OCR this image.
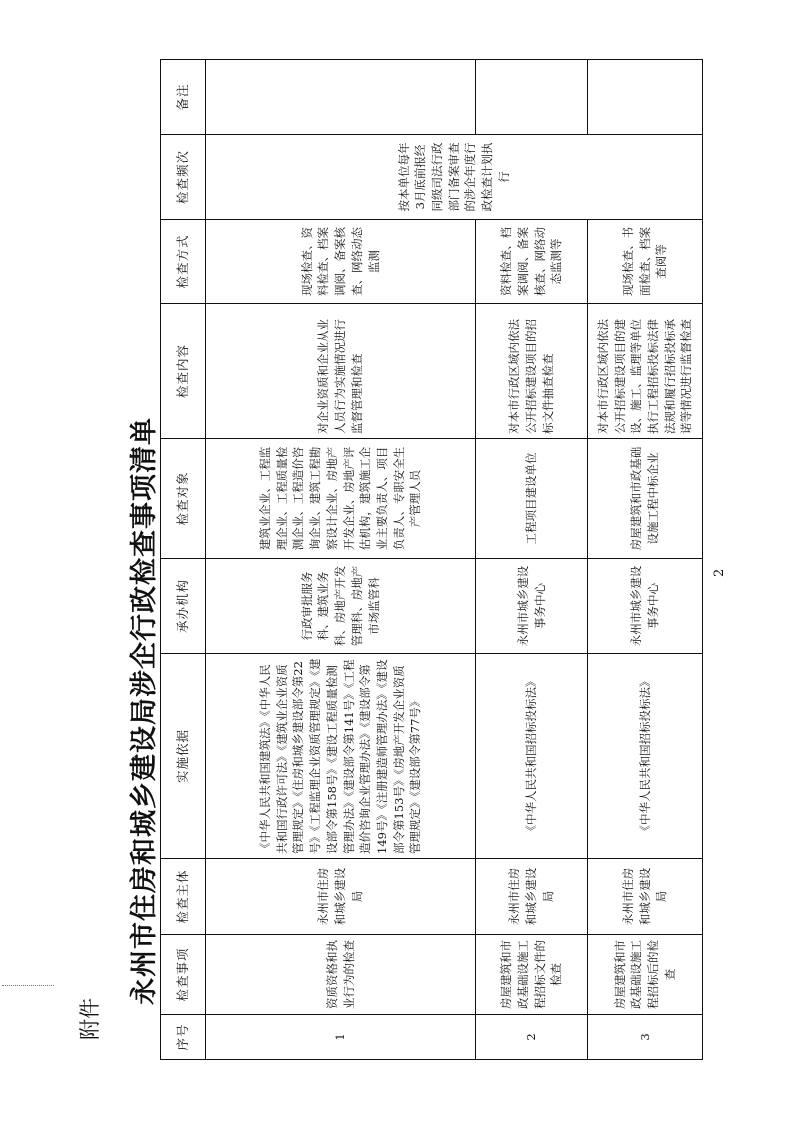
附件
永州市住房和城乡建设局涉企行政检查事项清单	2
序号	检查事项	检查主体	实施依据	承办机构	检查对象	检查内容	检查方式	检查频次	备注
1	资质资格和执业行为的检查	永州市住房和城乡建设局	《中华人民共和国建筑法》《中华人民共和国行政许可法》《建筑业企业资质管理规定》《住房和城乡建设部令第22号》《工程监理企业资质管理规定》《建设部令第158号》《建设工程质量检测管理办法》《建设部令第141号》《工程造价咨询企业管理办法》《建设部令第149号》《注册建造师管理办法》《建设部令第153号》《房地产开发企业资质管理规定》《建设部令第77号》	行政审批服务科、建筑业务科、房地产开发管理科、房地产市场监管科	建筑业企业、工程监理企业、工程质量检测企业、工程造价咨询企业、建筑工程勘察设计企业、房地产开发企业、房地产评估机构，建筑施工企业主要负责人、项目负责人、专职安全生产管理人员	对企业资质和企业从业人员行为实施情况进行监督管理和检查	现场检查、资料检查、档案调阅、备案核查、网络动态监测	按本单位每年3月底前报经同级司法行政部门备案审查的涉企年度行政检查计划执行	
2	房屋建筑和市政基础设施工程招标文件的检查	永州市住房和城乡建设局	《中华人民共和国招标投标法》	永州市城乡建设事务中心	工程项目建设单位	对本市行政区域内依法公开招标建设项目的招标文件抽查检查	资料检查、档案调阅、备案核查、网络动态监测等		
3	房屋建筑和市政基础设施工程招标后的检查	永州市住房和城乡建设局	《中华人民共和国招标投标法》	永州市城乡建设事务中心	房屋建筑和市政基础设施工程中标企业	对本市行政区域内依法公开招标建设项目的建设、施工、监理等单位执行工程招标投标法律法规和履行招标投标承诺等情况进行监督检查	现场检查、书面检查、档案查阅等		
